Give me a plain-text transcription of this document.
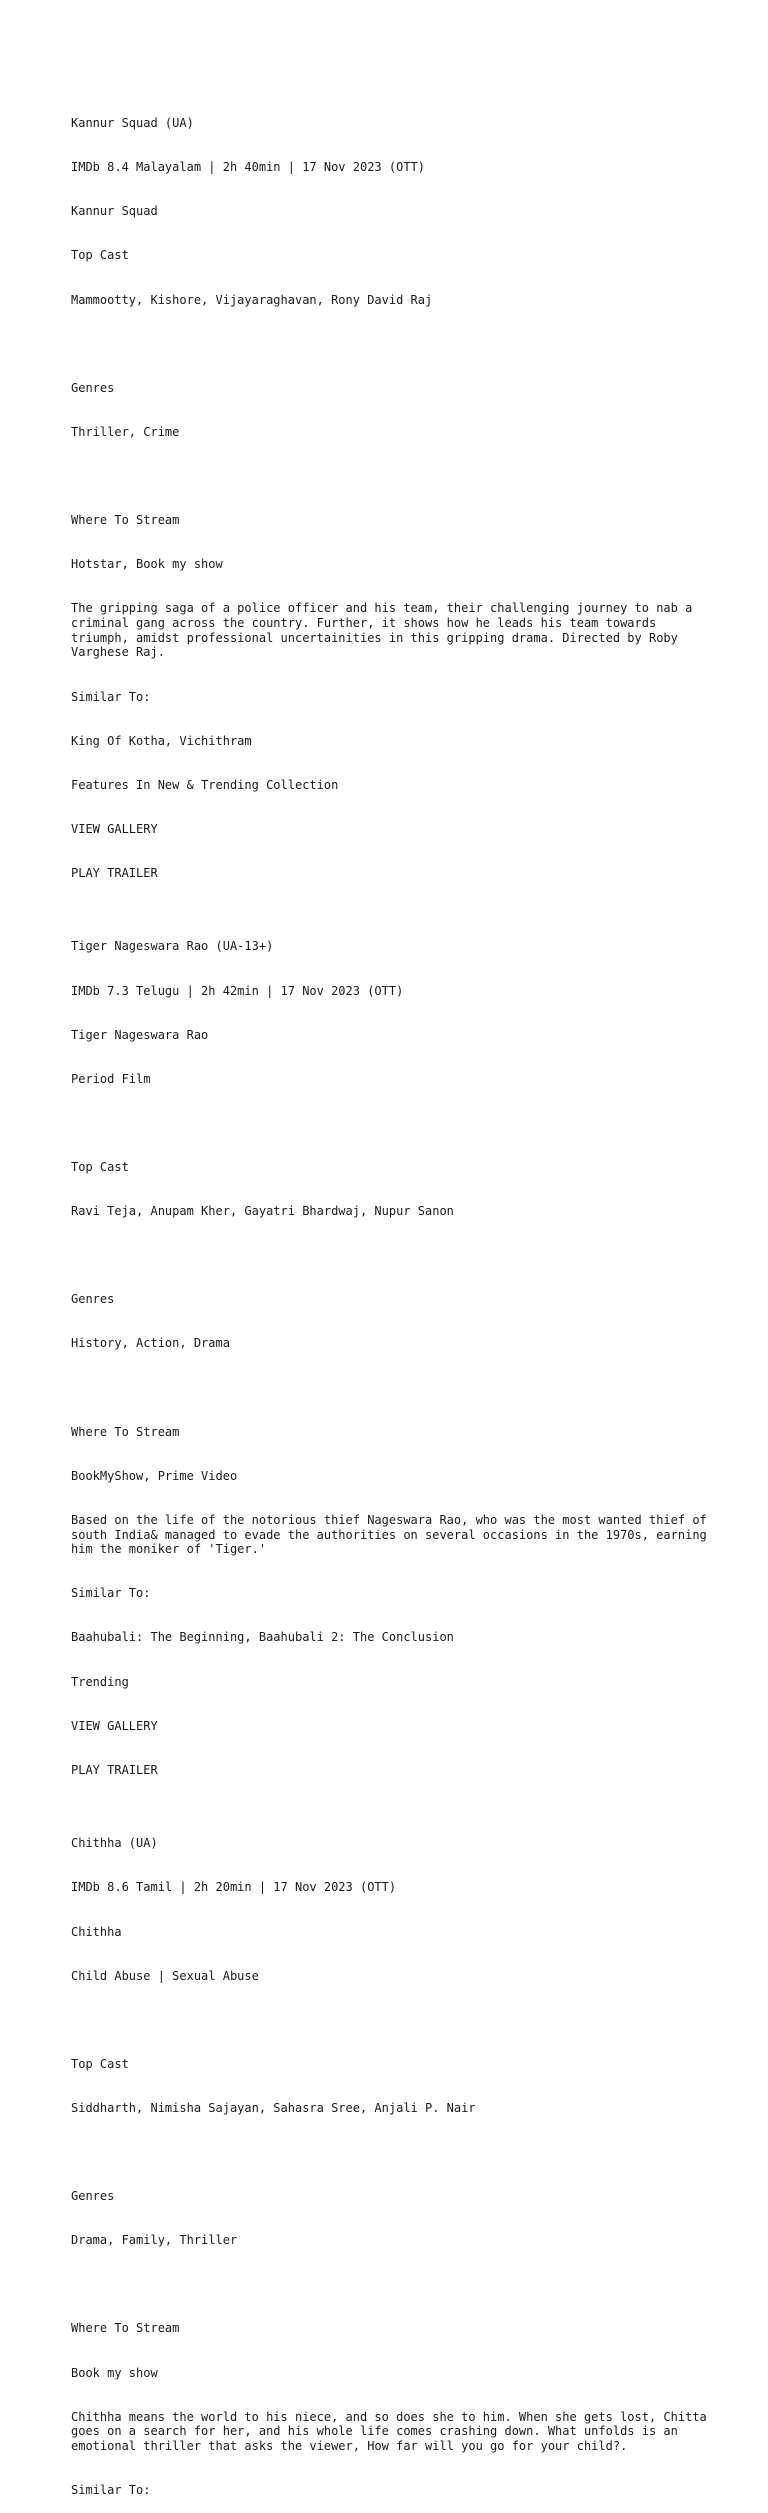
Kannur Squad (UA)

IMDb 8.4 Malayalam | 2h 40min | 17 Nov 2023 (OTT)

Kannur Squad

Top Cast

Mammootty, Kishore, Vijayaraghavan, Rony David Raj

Genres

Thriller, Crime

Where To Stream

Hotstar, Book my show

The gripping saga of a police officer and his team, their challenging journey to nab a criminal gang across the country. Further, it shows how he leads his team towards triumph, amidst professional uncertainities in this gripping drama. Directed by Roby Varghese Raj.

Similar To:

King Of Kotha, Vichithram

Features In New & Trending Collection

VIEW GALLERY

PLAY TRAILER

Tiger Nageswara Rao (UA-13+)

IMDb 7.3 Telugu | 2h 42min | 17 Nov 2023 (OTT)

Tiger Nageswara Rao

Period Film

Top Cast

Ravi Teja, Anupam Kher, Gayatri Bhardwaj, Nupur Sanon

Genres

History, Action, Drama

Where To Stream

BookMyShow, Prime Video

Based on the life of the notorious thief Nageswara Rao, who was the most wanted thief of south India& managed to evade the authorities on several occasions in the 1970s, earning him the moniker of 'Tiger.'

Similar To:

Baahubali: The Beginning, Baahubali 2: The Conclusion

Trending

VIEW GALLERY

PLAY TRAILER

Chithha (UA)

IMDb 8.6 Tamil | 2h 20min | 17 Nov 2023 (OTT)

Chithha

Child Abuse | Sexual Abuse

Top Cast

Siddharth, Nimisha Sajayan, Sahasra Sree, Anjali P. Nair

Genres

Drama, Family, Thriller

Where To Stream

Book my show

Chithha means the world to his niece, and so does she to him. When she gets lost, Chitta goes on a search for her, and his whole life comes crashing down. What unfolds is an emotional thriller that asks the viewer, How far will you go for your child?.

Similar To:
